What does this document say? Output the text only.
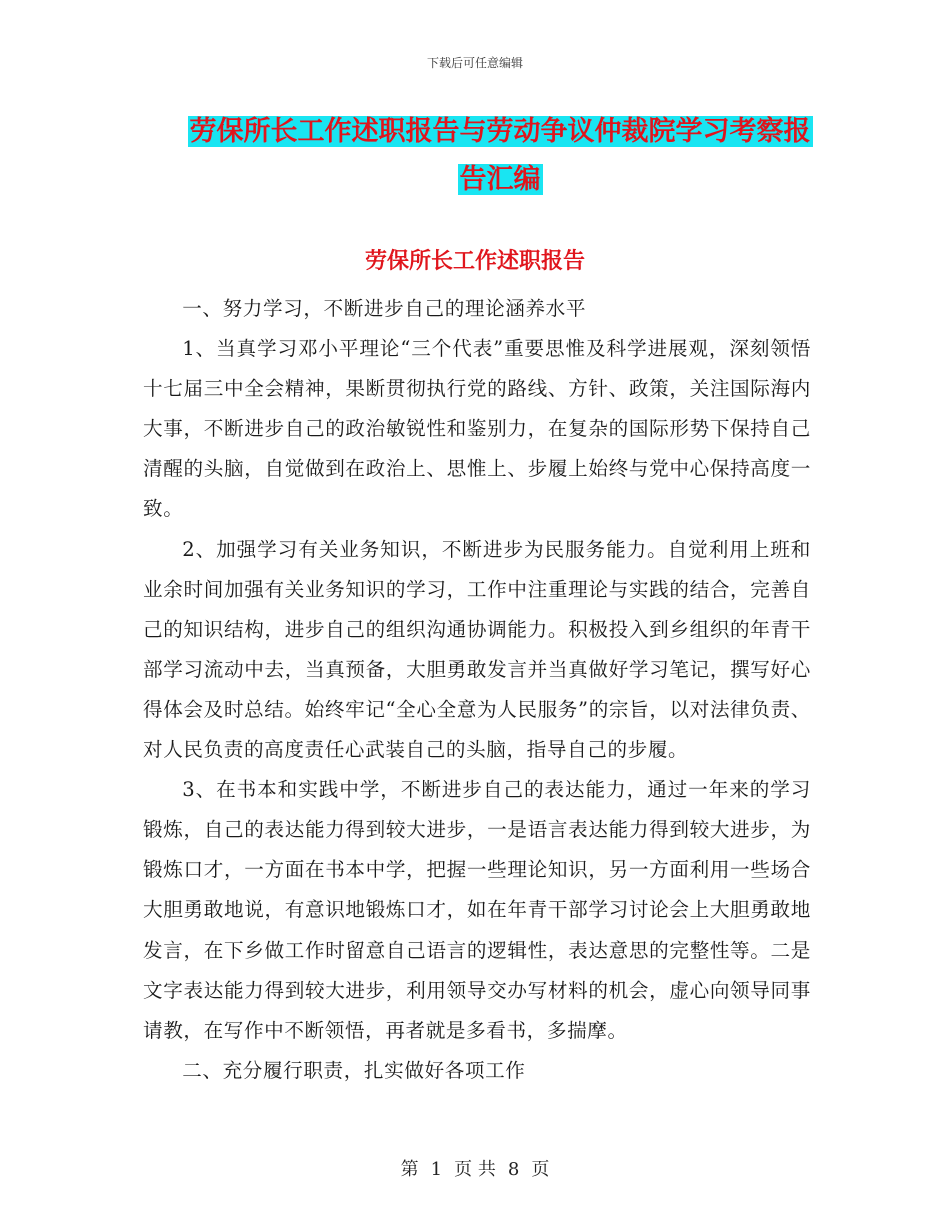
下载后可任意编辑
劳保所长工作述职报告与劳动争议仲裁院学习考察报
告汇编
劳保所长工作述职报告

一、努力学习，不断进步自己的理论涵养水平

1、当真学习邓小平理论“三个代表”重要思惟及科学进展观，深刻领悟十七届三中全会精神，果断贯彻执行党的路线、方针、政策，关注国际海内大事，不断进步自己的政治敏锐性和鉴别力，在复杂的国际形势下保持自己清醒的头脑，自觉做到在政治上、思惟上、步履上始终与党中心保持高度一致。

2、加强学习有关业务知识，不断进步为民服务能力。自觉利用上班和业余时间加强有关业务知识的学习，工作中注重理论与实践的结合，完善自己的知识结构，进步自己的组织沟通协调能力。积极投入到乡组织的年青干部学习流动中去，当真预备，大胆勇敢发言并当真做好学习笔记，撰写好心得体会及时总结。始终牢记“全心全意为人民服务”的宗旨，以对法律负责、对人民负责的高度责任心武装自己的头脑，指导自己的步履。

3、在书本和实践中学，不断进步自己的表达能力，通过一年来的学习锻炼，自己的表达能力得到较大进步，一是语言表达能力得到较大进步，为锻炼口才，一方面在书本中学，把握一些理论知识，另一方面利用一些场合大胆勇敢地说，有意识地锻炼口才，如在年青干部学习讨论会上大胆勇敢地发言，在下乡做工作时留意自己语言的逻辑性，表达意思的完整性等。二是文字表达能力得到较大进步，利用领导交办写材料的机会，虚心向领导同事请教，在写作中不断领悟，再者就是多看书，多揣摩。

二、充分履行职责，扎实做好各项工作

第 1 页 共 8 页
